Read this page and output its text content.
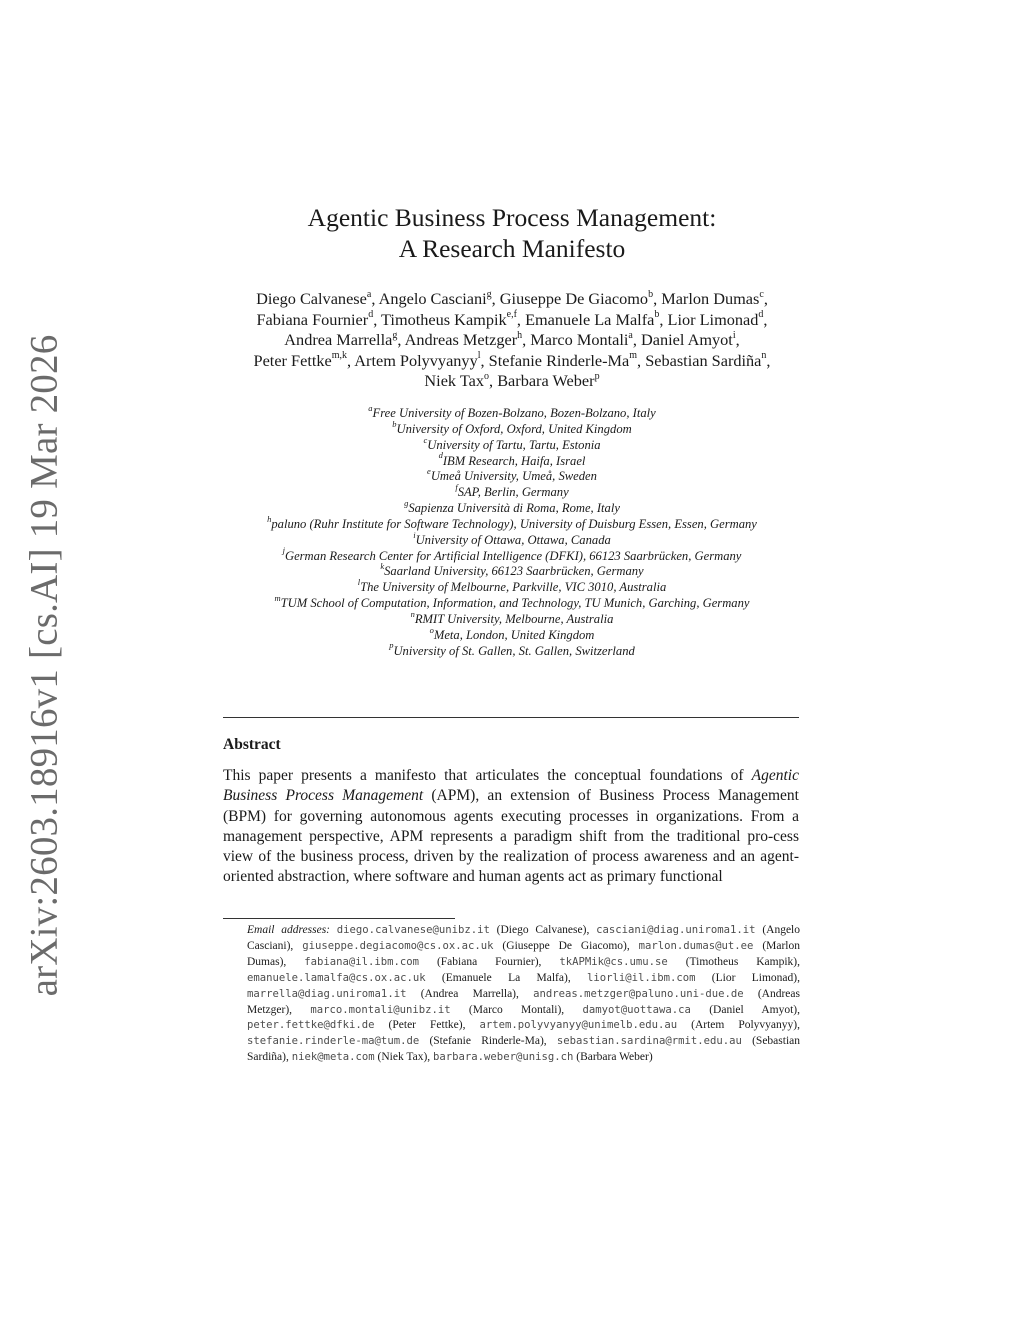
arXiv:2603.18916v1 [cs.AI] 19 Mar 2026
Agentic Business Process Management:
A Research Manifesto
Diego Calvanese$^a$, Angelo Casciani$^g$, Giuseppe De Giacomo$^b$, Marlon Dumas$^c$,
Fabiana Fournier$^d$, Timotheus Kampik$^{e,f}$, Emanuele La Malfa$^b$, Lior Limonad$^d$,
Andrea Marrella$^g$, Andreas Metzger$^h$, Marco Montali$^a$, Daniel Amyot$^i$,
Peter Fettke$^{m,k}$, Artem Polyvyanyy$^l$, Stefanie Rinderle-Ma$^m$, Sebastian Sardiña$^n$,
Niek Tax$^o$, Barbara Weber$^p$
$^a$Free University of Bozen-Bolzano, Bozen-Bolzano, Italy
$^b$University of Oxford, Oxford, United Kingdom
$^c$University of Tartu, Tartu, Estonia
$^d$IBM Research, Haifa, Israel
$^e$Umeå University, Umeå, Sweden
$^f$SAP, Berlin, Germany
$^g$Sapienza Università di Roma, Rome, Italy
$^h$paluno (Ruhr Institute for Software Technology), University of Duisburg Essen, Essen, Germany
$^i$University of Ottawa, Ottawa, Canada
$^j$German Research Center for Artificial Intelligence (DFKI), 66123 Saarbrücken, Germany
$^k$Saarland University, 66123 Saarbrücken, Germany
$^l$The University of Melbourne, Parkville, VIC 3010, Australia
$^m$TUM School of Computation, Information, and Technology, TU Munich, Garching, Germany
$^n$RMIT University, Melbourne, Australia
$^o$Meta, London, United Kingdom
$^p$University of St. Gallen, St. Gallen, Switzerland
Abstract
This paper presents a manifesto that articulates the conceptual foundations of Agentic Business Process Management (APM), an extension of Business Process Management (BPM) for governing autonomous agents executing processes in organizations. From a management perspective, APM represents a paradigm shift from the traditional pro-cess view of the business process, driven by the realization of process awareness and an agent-oriented abstraction, where software and human agents act as primary functional
Email addresses: diego.calvanese@unibz.it (Diego Calvanese), casciani@diag.uniroma1.it (Angelo Casciani), giuseppe.degiacomo@cs.ox.ac.uk (Giuseppe De Giacomo), marlon.dumas@ut.ee (Marlon Dumas), fabiana@il.ibm.com (Fabiana Fournier), tkAPMik@cs.umu.se (Timotheus Kampik), emanuele.lamalfa@cs.ox.ac.uk (Emanuele La Malfa), liorli@il.ibm.com (Lior Limonad), marrella@diag.uniroma1.it (Andrea Marrella), andreas.metzger@paluno.uni-due.de (Andreas Metzger), marco.montali@unibz.it (Marco Montali), damyot@uottawa.ca (Daniel Amyot), peter.fettke@dfki.de (Peter Fettke), artem.polyvyanyy@unimelb.edu.au (Artem Polyvyanyy), stefanie.rinderle-ma@tum.de (Stefanie Rinderle-Ma), sebastian.sardina@rmit.edu.au (Sebastian Sardiña), niek@meta.com (Niek Tax), barbara.weber@unisg.ch (Barbara Weber)
